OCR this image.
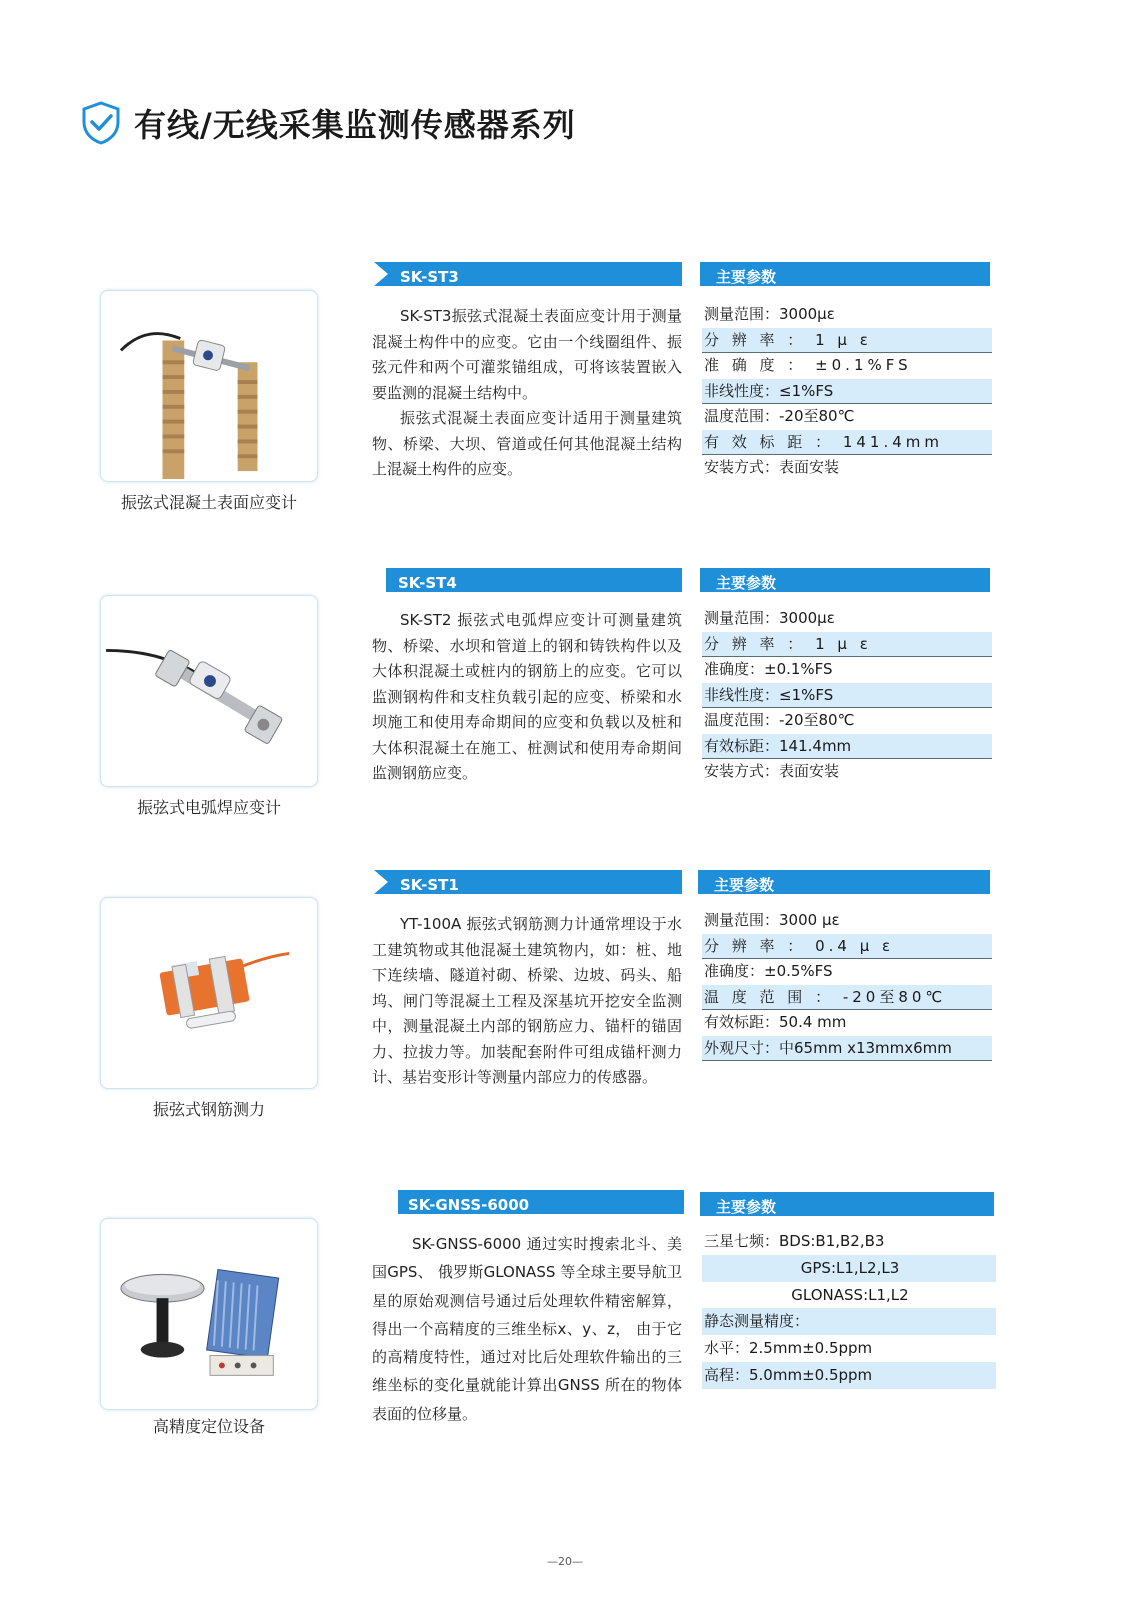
有线/无线采集监测传感器系列
振弦式混凝土表面应变计
SK-ST3	主要参数

SK-ST3振弦式混凝土表面应变计用于测量混凝土构件中的应变。它由一个线圈组件、振弦元件和两个可灌浆锚组成，可将该装置嵌入要监测的混凝土结构中。

振弦式混凝土表面应变计适用于测量建筑物、桥梁、大坝、管道或任何其他混凝土结构上混凝土构件的应变。

测量范围：3000με
分 辨 率 ： 1 μ ε
准 确 度 ： ±0.1%FS
非线性度：≤1%FS
温度范围：-20至80℃
有 效 标 距 ： 141.4mm
安装方式：表面安装
振弦式电弧焊应变计
SK-ST4	主要参数

SK-ST2 振弦式电弧焊应变计可测量建筑物、桥梁、水坝和管道上的钢和铸铁构件以及大体积混凝土或桩内的钢筋上的应变。它可以监测钢构件和支柱负载引起的应变、桥梁和水坝施工和使用寿命期间的应变和负载以及桩和大体积混凝土在施工、桩测试和使用寿命期间监测钢筋应变。

测量范围：3000με
分 辨 率 ： 1 μ ε
准确度：±0.1%FS
非线性度：≤1%FS
温度范围：-20至80℃
有效标距：141.4mm
安装方式：表面安装
振弦式钢筋测力
SK-ST1	主要参数

YT-100A 振弦式钢筋测力计通常埋设于水工建筑物或其他混凝土建筑物内，如：桩、地下连续墙、隧道衬砌、桥梁、边坡、码头、船坞、闸门等混凝土工程及深基坑开挖安全监测中，测量混凝土内部的钢筋应力、锚杆的锚固力、拉拔力等。加装配套附件可组成锚杆测力计、基岩变形计等测量内部应力的传感器。

测量范围：3000 με
分 辨 率 ： 0.4 μ ε
准确度：±0.5%FS
温 度 范 围 ： -20至80℃
有效标距：50.4 mm
外观尺寸：中65mm x13mmx6mm
高精度定位设备
SK-GNSS-6000	主要参数

SK-GNSS-6000 通过实时搜索北斗、美国GPS、 俄罗斯GLONASS 等全球主要导航卫星的原始观测信号通过后处理软件精密解算，得出一个高精度的三维坐标x、y、z， 由于它的高精度特性，通过对比后处理软件输出的三维坐标的变化量就能计算出GNSS 所在的物体表面的位移量。

三星七频：BDS:B1,B2,B3
GPS:L1,L2,L3
GLONASS:L1,L2
静态测量精度：
水平：2.5mm±0.5ppm
高程：5.0mm±0.5ppm
—20—
